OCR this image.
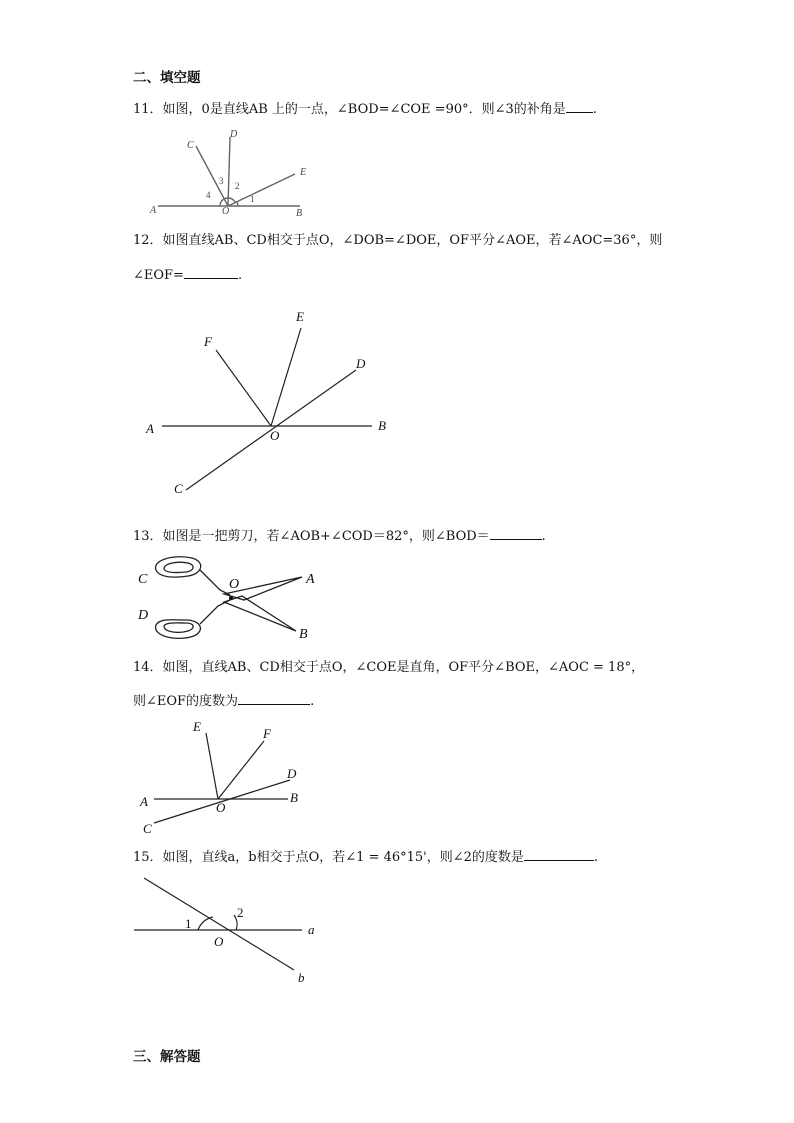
二、填空题
11．如图，0是直线AB 上的一点，∠BOD=∠COE =90°．则∠3的补角是 .
A	B
C
D
E
O
1
2
3
4
12．如图直线AB、CD相交于点O，∠DOB=∠DOE，OF平分∠AOE，若∠AOC=36°，则
∠EOF=	.
A	B
C
D
E
F
O
13．如图是一把剪刀，若∠AOB+∠COD＝82°，则∠BOD＝	.
C
D
A
B
O
14．如图，直线AB、CD相交于点O，∠COE是直角，OF平分∠BOE，∠AOC = 18°，
则∠EOF的度数为	.
A	B
C
D
E	F
O
15．如图，直线a，b相交于点O，若∠1 = 46°15'，则∠2的度数是	.
1
2
a
b
O
三、解答题
